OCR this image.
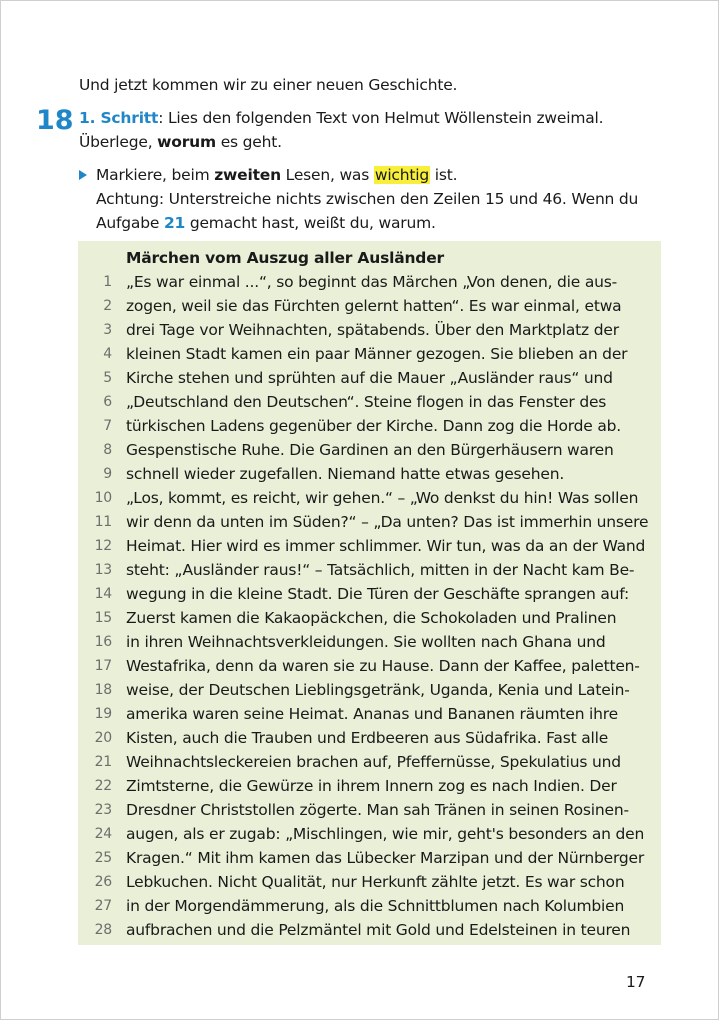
Und jetzt kommen wir zu einer neuen Geschichte.
18 1. Schritt: Lies den folgenden Text von Helmut Wöllenstein zweimal.
Überlege, worum es geht.
Markiere, beim zweiten Lesen, was wichtig ist.
Achtung: Unterstreiche nichts zwischen den Zeilen 15 und 46. Wenn du
Aufgabe 21 gemacht hast, weißt du, warum.
Märchen vom Auszug aller Ausländer
1 „Es war einmal ...“, so beginnt das Märchen „Von denen, die aus-
2 zogen, weil sie das Fürchten gelernt hatten“. Es war einmal, etwa
3 drei Tage vor Weihnachten, spätabends. Über den Marktplatz der
4 kleinen Stadt kamen ein paar Männer gezogen. Sie blieben an der
5 Kirche stehen und sprühten auf die Mauer „Ausländer raus“ und
6 „Deutschland den Deutschen“. Steine flogen in das Fenster des
7 türkischen Ladens gegenüber der Kirche. Dann zog die Horde ab.
8 Gespenstische Ruhe. Die Gardinen an den Bürgerhäusern waren
9 schnell wieder zugefallen. Niemand hatte etwas gesehen.
10 „Los, kommt, es reicht, wir gehen.“ – „Wo denkst du hin! Was sollen
11 wir denn da unten im Süden?“ – „Da unten? Das ist immerhin unsere
12 Heimat. Hier wird es immer schlimmer. Wir tun, was da an der Wand
13 steht: „Ausländer raus!“ – Tatsächlich, mitten in der Nacht kam Be-
14 wegung in die kleine Stadt. Die Türen der Geschäfte sprangen auf:
15 Zuerst kamen die Kakaopäckchen, die Schokoladen und Pralinen
16 in ihren Weihnachtsverkleidungen. Sie wollten nach Ghana und
17 Westafrika, denn da waren sie zu Hause. Dann der Kaffee, paletten-
18 weise, der Deutschen Lieblingsgetränk, Uganda, Kenia und Latein-
19 amerika waren seine Heimat. Ananas und Bananen räumten ihre
20 Kisten, auch die Trauben und Erdbeeren aus Südafrika. Fast alle
21 Weihnachtsleckereien brachen auf, Pfeffernüsse, Spekulatius und
22 Zimtsterne, die Gewürze in ihrem Innern zog es nach Indien. Der
23 Dresdner Christstollen zögerte. Man sah Tränen in seinen Rosinen-
24 augen, als er zugab: „Mischlingen, wie mir, geht's besonders an den
25 Kragen.“ Mit ihm kamen das Lübecker Marzipan und der Nürnberger
26 Lebkuchen. Nicht Qualität, nur Herkunft zählte jetzt. Es war schon
27 in der Morgendämmerung, als die Schnittblumen nach Kolumbien
28 aufbrachen und die Pelzmäntel mit Gold und Edelsteinen in teuren
17
